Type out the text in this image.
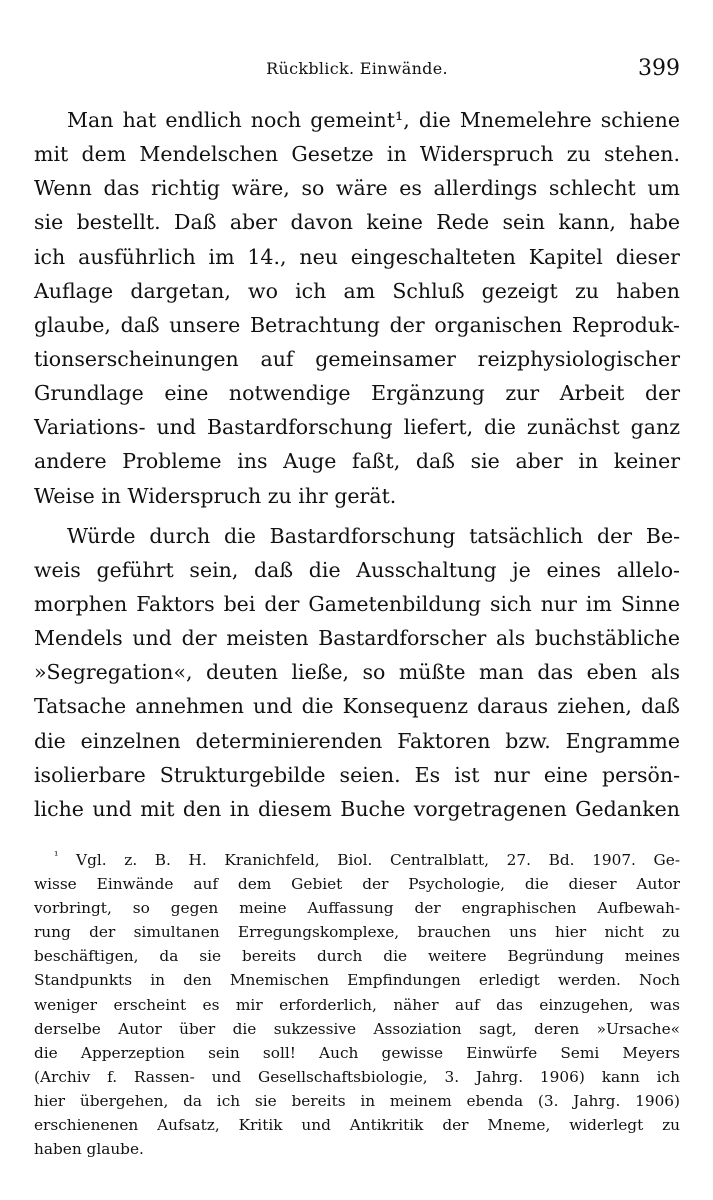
Rückblick. Einwände.	399
Man hat endlich noch gemeint¹, die Mnemelehre schiene
mit dem Mendelschen Gesetze in Widerspruch zu stehen.
Wenn das richtig wäre, so wäre es allerdings schlecht um
sie bestellt. Daß aber davon keine Rede sein kann, habe
ich ausführlich im 14., neu eingeschalteten Kapitel dieser
Auflage dargetan, wo ich am Schluß gezeigt zu haben
glaube, daß unsere Betrachtung der organischen Reproduk-
tionserscheinungen auf gemeinsamer reizphysiologischer
Grundlage eine notwendige Ergänzung zur Arbeit der
Variations- und Bastardforschung liefert, die zunächst ganz
andere Probleme ins Auge faßt, daß sie aber in keiner
Weise in Widerspruch zu ihr gerät.
Würde durch die Bastardforschung tatsächlich der Be-
weis geführt sein, daß die Ausschaltung je eines allelo-
morphen Faktors bei der Gametenbildung sich nur im Sinne
Mendels und der meisten Bastardforscher als buchstäbliche
»Segregation«, deuten ließe, so müßte man das eben als
Tatsache annehmen und die Konsequenz daraus ziehen, daß
die einzelnen determinierenden Faktoren bzw. Engramme
isolierbare Strukturgebilde seien. Es ist nur eine persön-
liche und mit den in diesem Buche vorgetragenen Gedanken
$^{^1}$ Vgl. z. B. H. Kranichfeld, Biol. Centralblatt, 27. Bd. 1907. Ge-
wisse Einwände auf dem Gebiet der Psychologie, die dieser Autor
vorbringt, so gegen meine Auffassung der engraphischen Aufbewah-
rung der simultanen Erregungskomplexe, brauchen uns hier nicht zu
beschäftigen, da sie bereits durch die weitere Begründung meines
Standpunkts in den Mnemischen Empfindungen erledigt werden. Noch
weniger erscheint es mir erforderlich, näher auf das einzugehen, was
derselbe Autor über die sukzessive Assoziation sagt, deren »Ursache«
die Apperzeption sein soll! Auch gewisse Einwürfe Semi Meyers
(Archiv f. Rassen- und Gesellschaftsbiologie, 3. Jahrg. 1906) kann ich
hier übergehen, da ich sie bereits in meinem ebenda (3. Jahrg. 1906)
erschienenen Aufsatz, Kritik und Antikritik der Mneme, widerlegt zu
haben glaube.
